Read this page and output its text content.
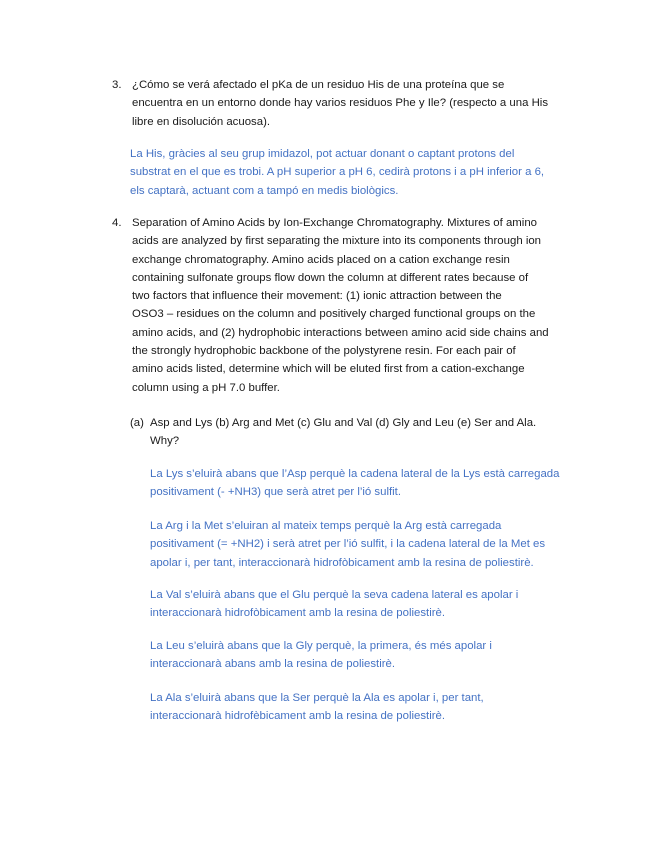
3. ¿Cómo se verá afectado el pKa de un residuo His de una proteína que se
encuentra en un entorno donde hay varios residuos Phe y Ile? (respecto a una His
libre en disolución acuosa).
La His, gràcies al seu grup imidazol, pot actuar donant o captant protons del
substrat en el que es trobi. A pH superior a pH 6, cedirà protons i a pH inferior a 6,
els captarà, actuant com a tampó en medis biològics.
4. Separation of Amino Acids by Ion-Exchange Chromatography. Mixtures of amino
acids are analyzed by first separating the mixture into its components through ion
exchange chromatography. Amino acids placed on a cation exchange resin
containing sulfonate groups flow down the column at different rates because of
two factors that influence their movement: (1) ionic attraction between the
OSO3 – residues on the column and positively charged functional groups on the
amino acids, and (2) hydrophobic interactions between amino acid side chains and
the strongly hydrophobic backbone of the polystyrene resin. For each pair of
amino acids listed, determine which will be eluted first from a cation-exchange
column using a pH 7.0 buffer.
(a) Asp and Lys (b) Arg and Met (c) Glu and Val (d) Gly and Leu (e) Ser and Ala.
Why?
La Lys s’eluirà abans que l’Asp perquè la cadena lateral de la Lys està carregada
positivament (- +NH3) que serà atret per l’ió sulfit.
La Arg i la Met s’eluiran al mateix temps perquè la Arg està carregada
positivament (= +NH2) i serà atret per l’ió sulfit, i la cadena lateral de la Met es
apolar i, per tant, interaccionarà hidrofòbicament amb la resina de poliestirè.
La Val s’eluirà abans que el Glu perquè la seva cadena lateral es apolar i
interaccionarà hidrofòbicament amb la resina de poliestirè.
La Leu s’eluirà abans que la Gly perquè, la primera, és més apolar i
interaccionarà abans amb la resina de poliestirè.
La Ala s’eluirà abans que la Ser perquè la Ala es apolar i, per tant,
interaccionarà hidrofèbicament amb la resina de poliestirè.
